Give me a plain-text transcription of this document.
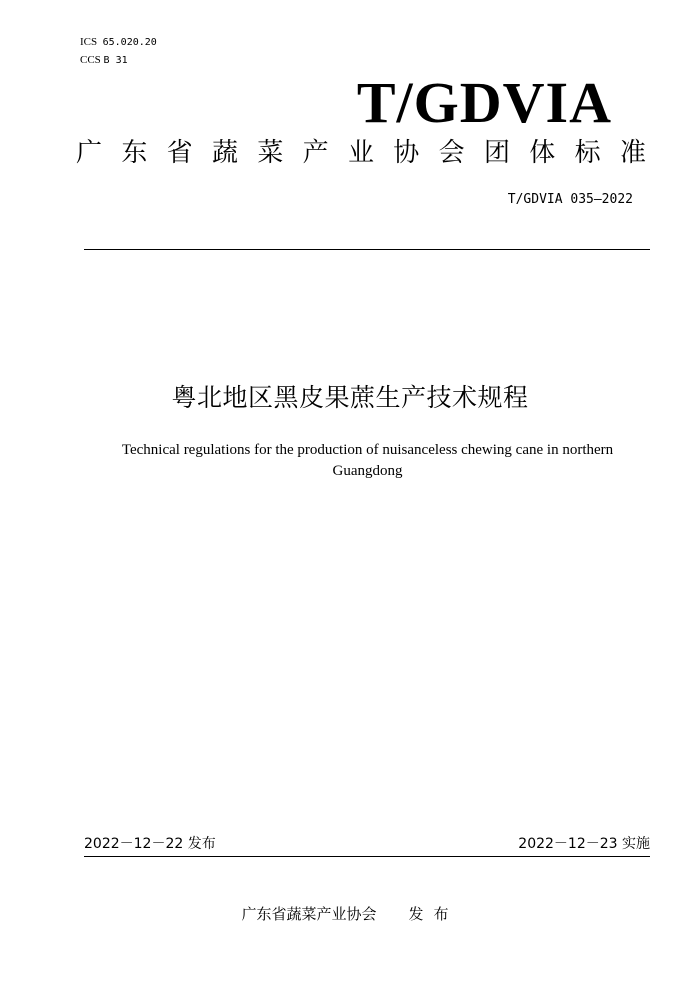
ICS 65.020.20
CCS B 31
T/GDVIA
广 东 省 蔬 菜 产 业 协 会 团 体 标 准
T/GDVIA 035—2022
粤北地区黑皮果蔗生产技术规程
Technical regulations for the production of nuisanceless chewing cane in northern Guangdong
2022－12－22 发布	2022－12－23 实施
广东省蔬菜产业协会 发布
